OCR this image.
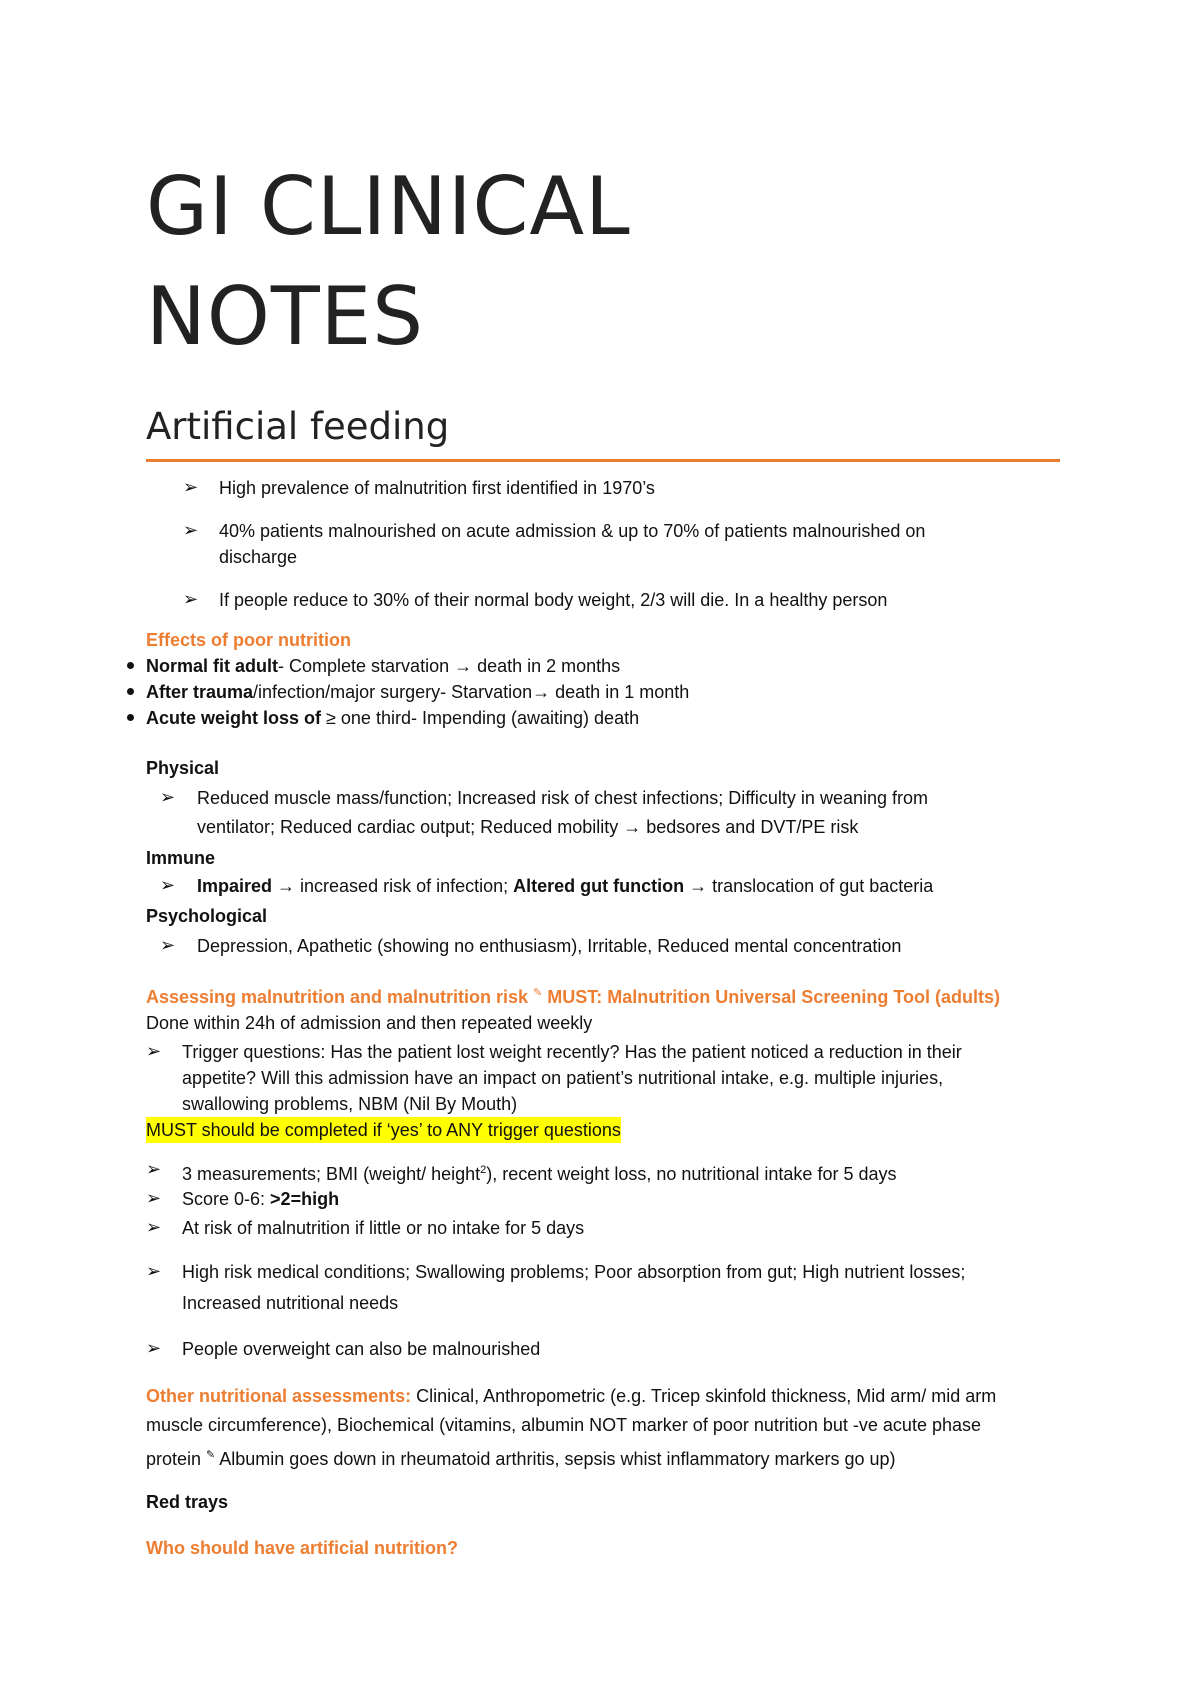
GI CLINICAL
NOTES
Artificial feeding
➢ High prevalence of malnutrition first identified in 1970’s
➢ 40% patients malnourished on acute admission & up to 70% of patients malnourished on
discharge
➢ If people reduce to 30% of their normal body weight, 2/3 will die. In a healthy person
Effects of poor nutrition
Normal fit adult- Complete starvation → death in 2 months
After trauma/infection/major surgery- Starvation→ death in 1 month
Acute weight loss of ≥ one third- Impending (awaiting) death
Physical
➢ Reduced muscle mass/function; Increased risk of chest infections; Difficulty in weaning from
ventilator; Reduced cardiac output; Reduced mobility → bedsores and DVT/PE risk
Immune
➢ Impaired → increased risk of infection; Altered gut function → translocation of gut bacteria
Psychological
➢ Depression, Apathetic (showing no enthusiasm), Irritable, Reduced mental concentration
Assessing malnutrition and malnutrition risk ✎ MUST: Malnutrition Universal Screening Tool (adults)
Done within 24h of admission and then repeated weekly
➢ Trigger questions: Has the patient lost weight recently? Has the patient noticed a reduction in their
appetite? Will this admission have an impact on patient’s nutritional intake, e.g. multiple injuries,
swallowing problems, NBM (Nil By Mouth)
MUST should be completed if ‘yes’ to ANY trigger questions
➢ 3 measurements; BMI (weight/ height$^2$), recent weight loss, no nutritional intake for 5 days
➢ Score 0-6: >2=high
➢ At risk of malnutrition if little or no intake for 5 days
➢ High risk medical conditions; Swallowing problems; Poor absorption from gut; High nutrient losses;
Increased nutritional needs
➢ People overweight can also be malnourished
Other nutritional assessments: Clinical, Anthropometric (e.g. Tricep skinfold thickness, Mid arm/ mid arm
muscle circumference), Biochemical (vitamins, albumin NOT marker of poor nutrition but -ve acute phase
protein ✎ Albumin goes down in rheumatoid arthritis, sepsis whist inflammatory markers go up)
Red trays
Who should have artificial nutrition?
